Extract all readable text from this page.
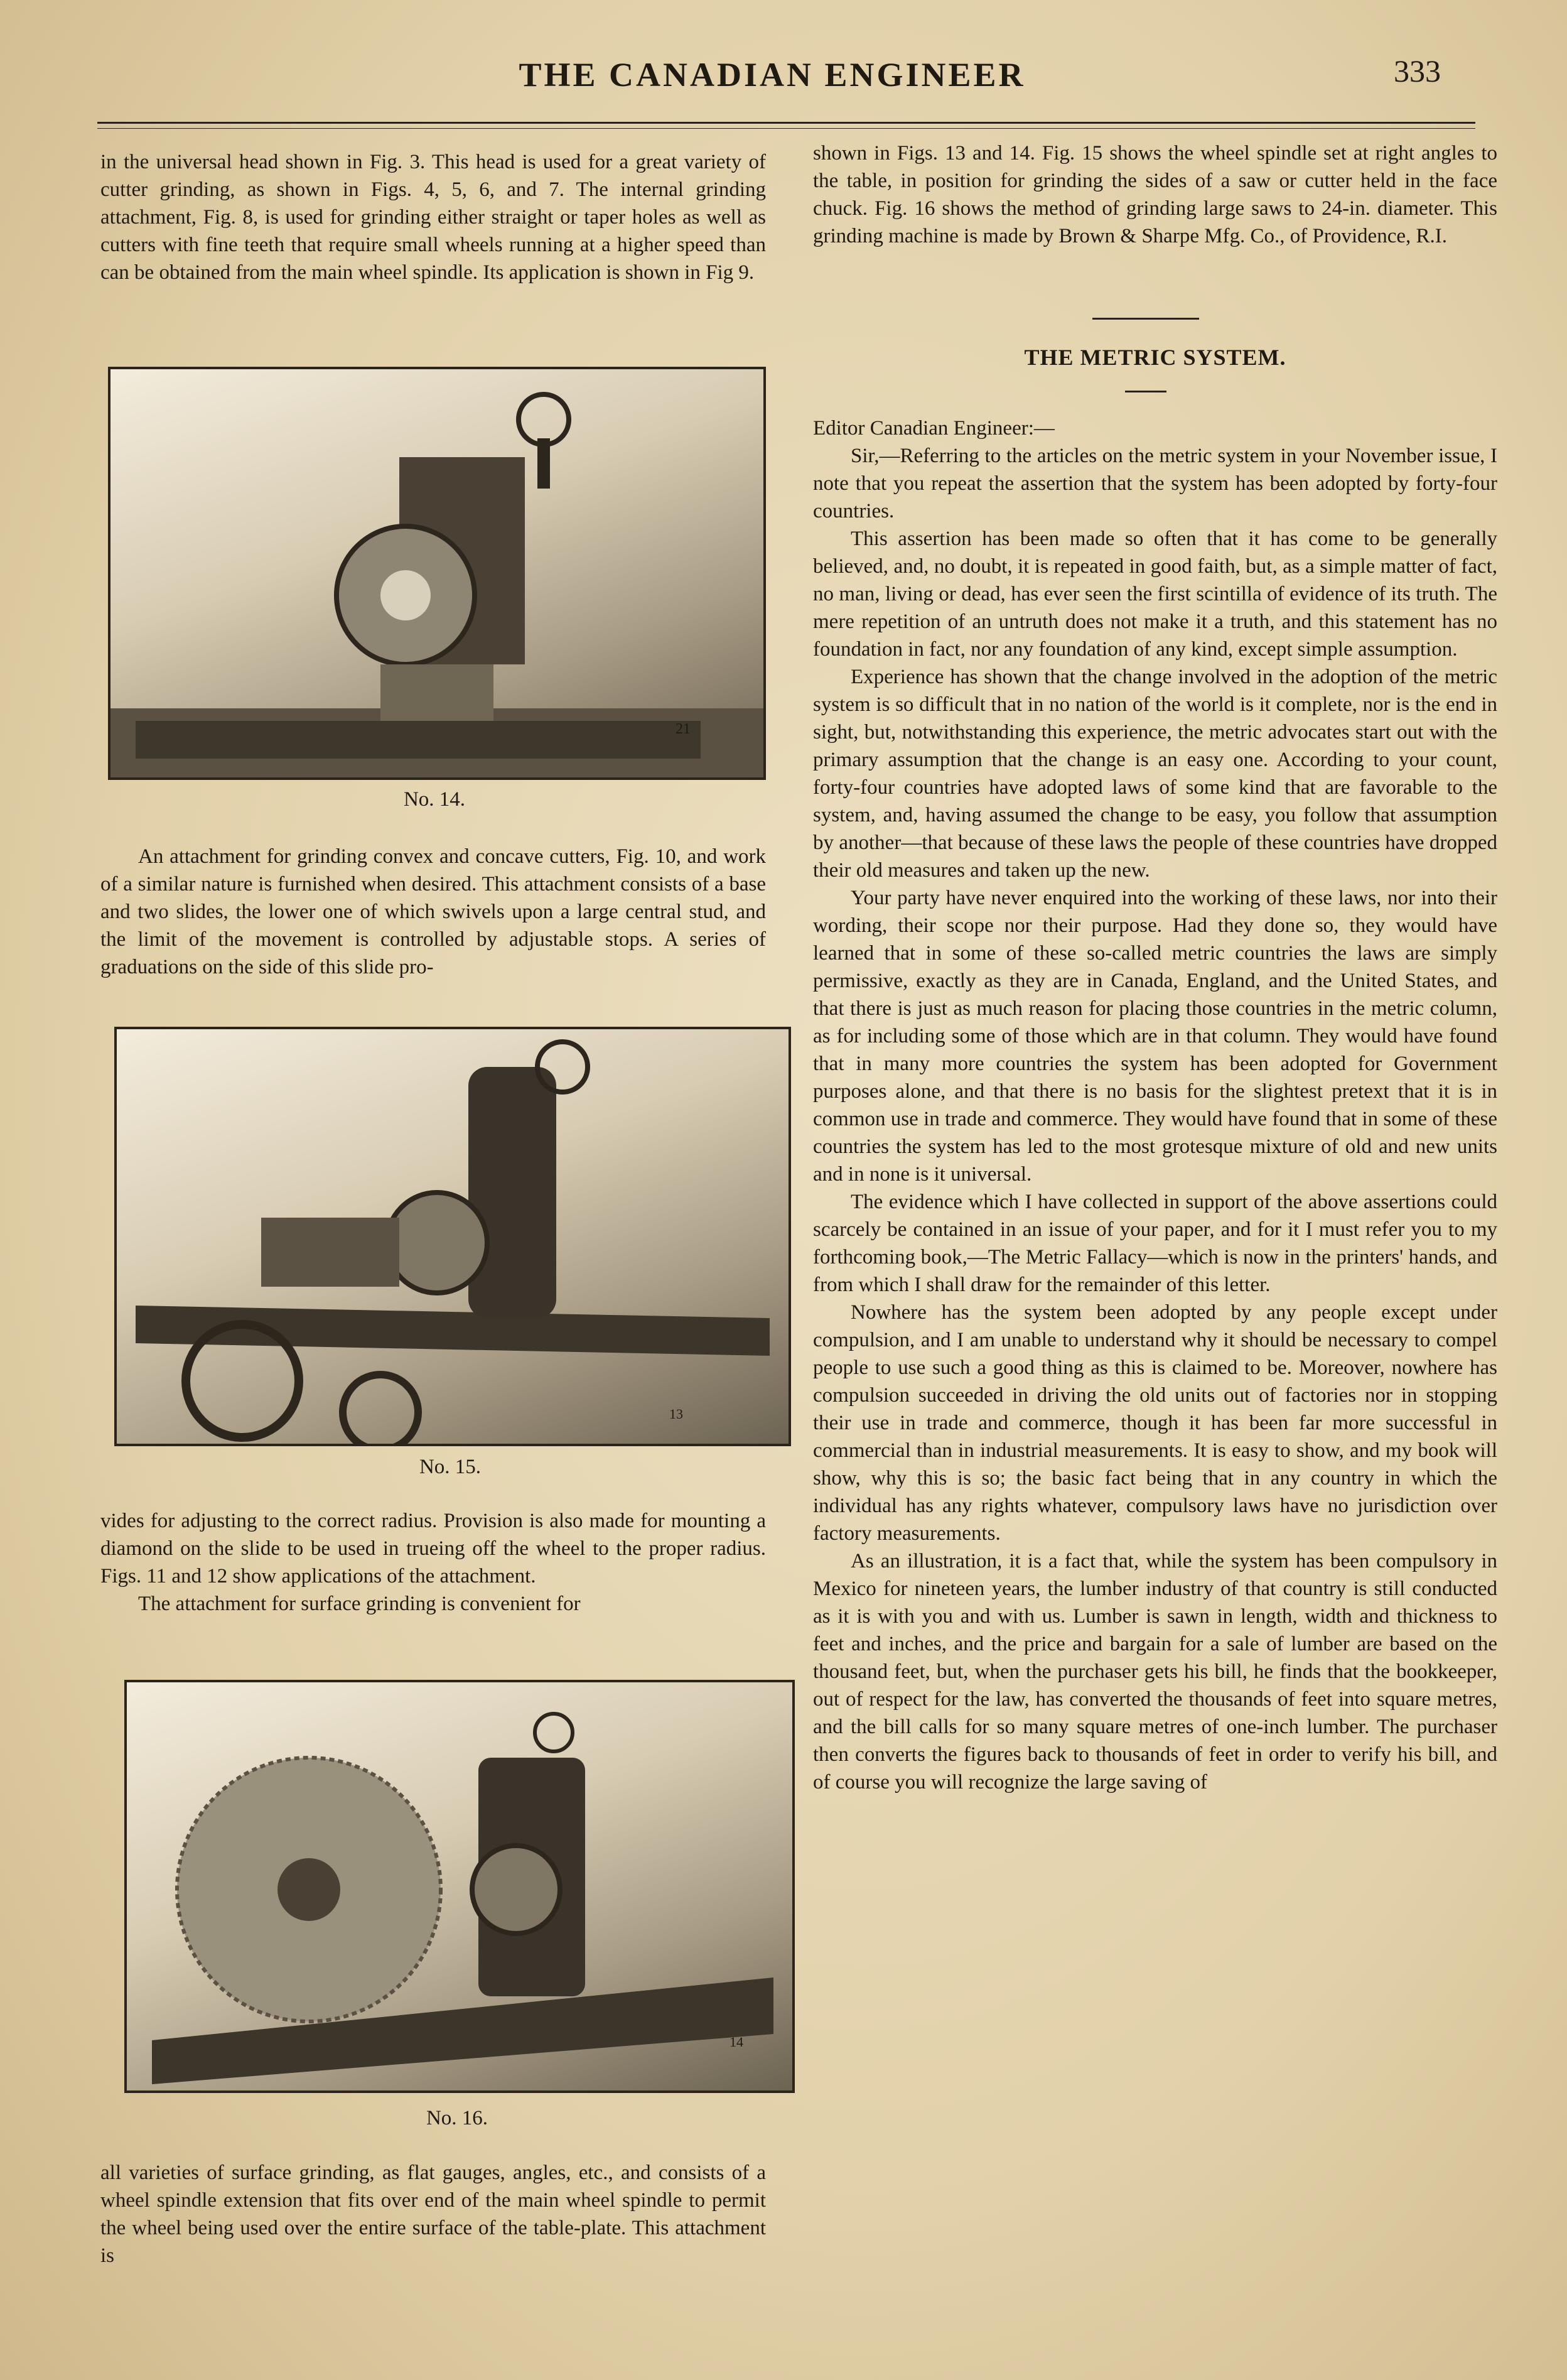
THE CANADIAN ENGINEER	333

in the universal head shown in Fig. 3. This head is used for a great variety of cutter grinding, as shown in Figs. 4, 5, 6, and 7. The internal grinding attachment, Fig. 8, is used for grinding either straight or taper holes as well as cutters with fine teeth that require small wheels running at a higher speed than can be obtained from the main wheel spindle. Its application is shown in Fig 9.

21
No. 14.

An attachment for grinding convex and concave cutters, Fig. 10, and work of a similar nature is furnished when desired. This attachment consists of a base and two slides, the lower one of which swivels upon a large central stud, and the limit of the movement is controlled by adjustable stops. A series of graduations on the side of this slide pro-

13
No. 15.

vides for adjusting to the correct radius. Provision is also made for mounting a diamond on the slide to be used in trueing off the wheel to the proper radius. Figs. 11 and 12 show applications of the attachment.

The attachment for surface grinding is convenient for

14
No. 16.

all varieties of surface grinding, as flat gauges, angles, etc., and consists of a wheel spindle extension that fits over end of the main wheel spindle to permit the wheel being used over the entire surface of the table-plate. This attachment is

shown in Figs. 13 and 14. Fig. 15 shows the wheel spindle set at right angles to the table, in position for grinding the sides of a saw or cutter held in the face chuck. Fig. 16 shows the method of grinding large saws to 24-in. diameter. This grinding machine is made by Brown & Sharpe Mfg. Co., of Providence, R.I.

THE METRIC SYSTEM.

Editor Canadian Engineer:—

Sir,—Referring to the articles on the metric system in your November issue, I note that you repeat the assertion that the system has been adopted by forty-four countries.

This assertion has been made so often that it has come to be generally believed, and, no doubt, it is repeated in good faith, but, as a simple matter of fact, no man, living or dead, has ever seen the first scintilla of evidence of its truth. The mere repetition of an untruth does not make it a truth, and this statement has no foundation in fact, nor any foundation of any kind, except simple assumption.

Experience has shown that the change involved in the adoption of the metric system is so difficult that in no nation of the world is it complete, nor is the end in sight, but, notwithstanding this experience, the metric advocates start out with the primary assumption that the change is an easy one. According to your count, forty-four countries have adopted laws of some kind that are favorable to the system, and, having assumed the change to be easy, you follow that assumption by another—that because of these laws the people of these countries have dropped their old measures and taken up the new.

Your party have never enquired into the working of these laws, nor into their wording, their scope nor their purpose. Had they done so, they would have learned that in some of these so-called metric countries the laws are simply permissive, exactly as they are in Canada, England, and the United States, and that there is just as much reason for placing those countries in the metric column, as for including some of those which are in that column. They would have found that in many more countries the system has been adopted for Government purposes alone, and that there is no basis for the slightest pretext that it is in common use in trade and commerce. They would have found that in some of these countries the system has led to the most grotesque mixture of old and new units and in none is it universal.

The evidence which I have collected in support of the above assertions could scarcely be contained in an issue of your paper, and for it I must refer you to my forthcoming book,—The Metric Fallacy—which is now in the printers' hands, and from which I shall draw for the remainder of this letter.

Nowhere has the system been adopted by any people except under compulsion, and I am unable to understand why it should be necessary to compel people to use such a good thing as this is claimed to be. Moreover, nowhere has compulsion succeeded in driving the old units out of factories nor in stopping their use in trade and commerce, though it has been far more successful in commercial than in industrial measurements. It is easy to show, and my book will show, why this is so; the basic fact being that in any country in which the individual has any rights whatever, compulsory laws have no jurisdiction over factory measurements.

As an illustration, it is a fact that, while the system has been compulsory in Mexico for nineteen years, the lumber industry of that country is still conducted as it is with you and with us. Lumber is sawn in length, width and thickness to feet and inches, and the price and bargain for a sale of lumber are based on the thousand feet, but, when the purchaser gets his bill, he finds that the bookkeeper, out of respect for the law, has converted the thousands of feet into square metres, and the bill calls for so many square metres of one-inch lumber. The purchaser then converts the figures back to thousands of feet in order to verify his bill, and of course you will recognize the large saving of
